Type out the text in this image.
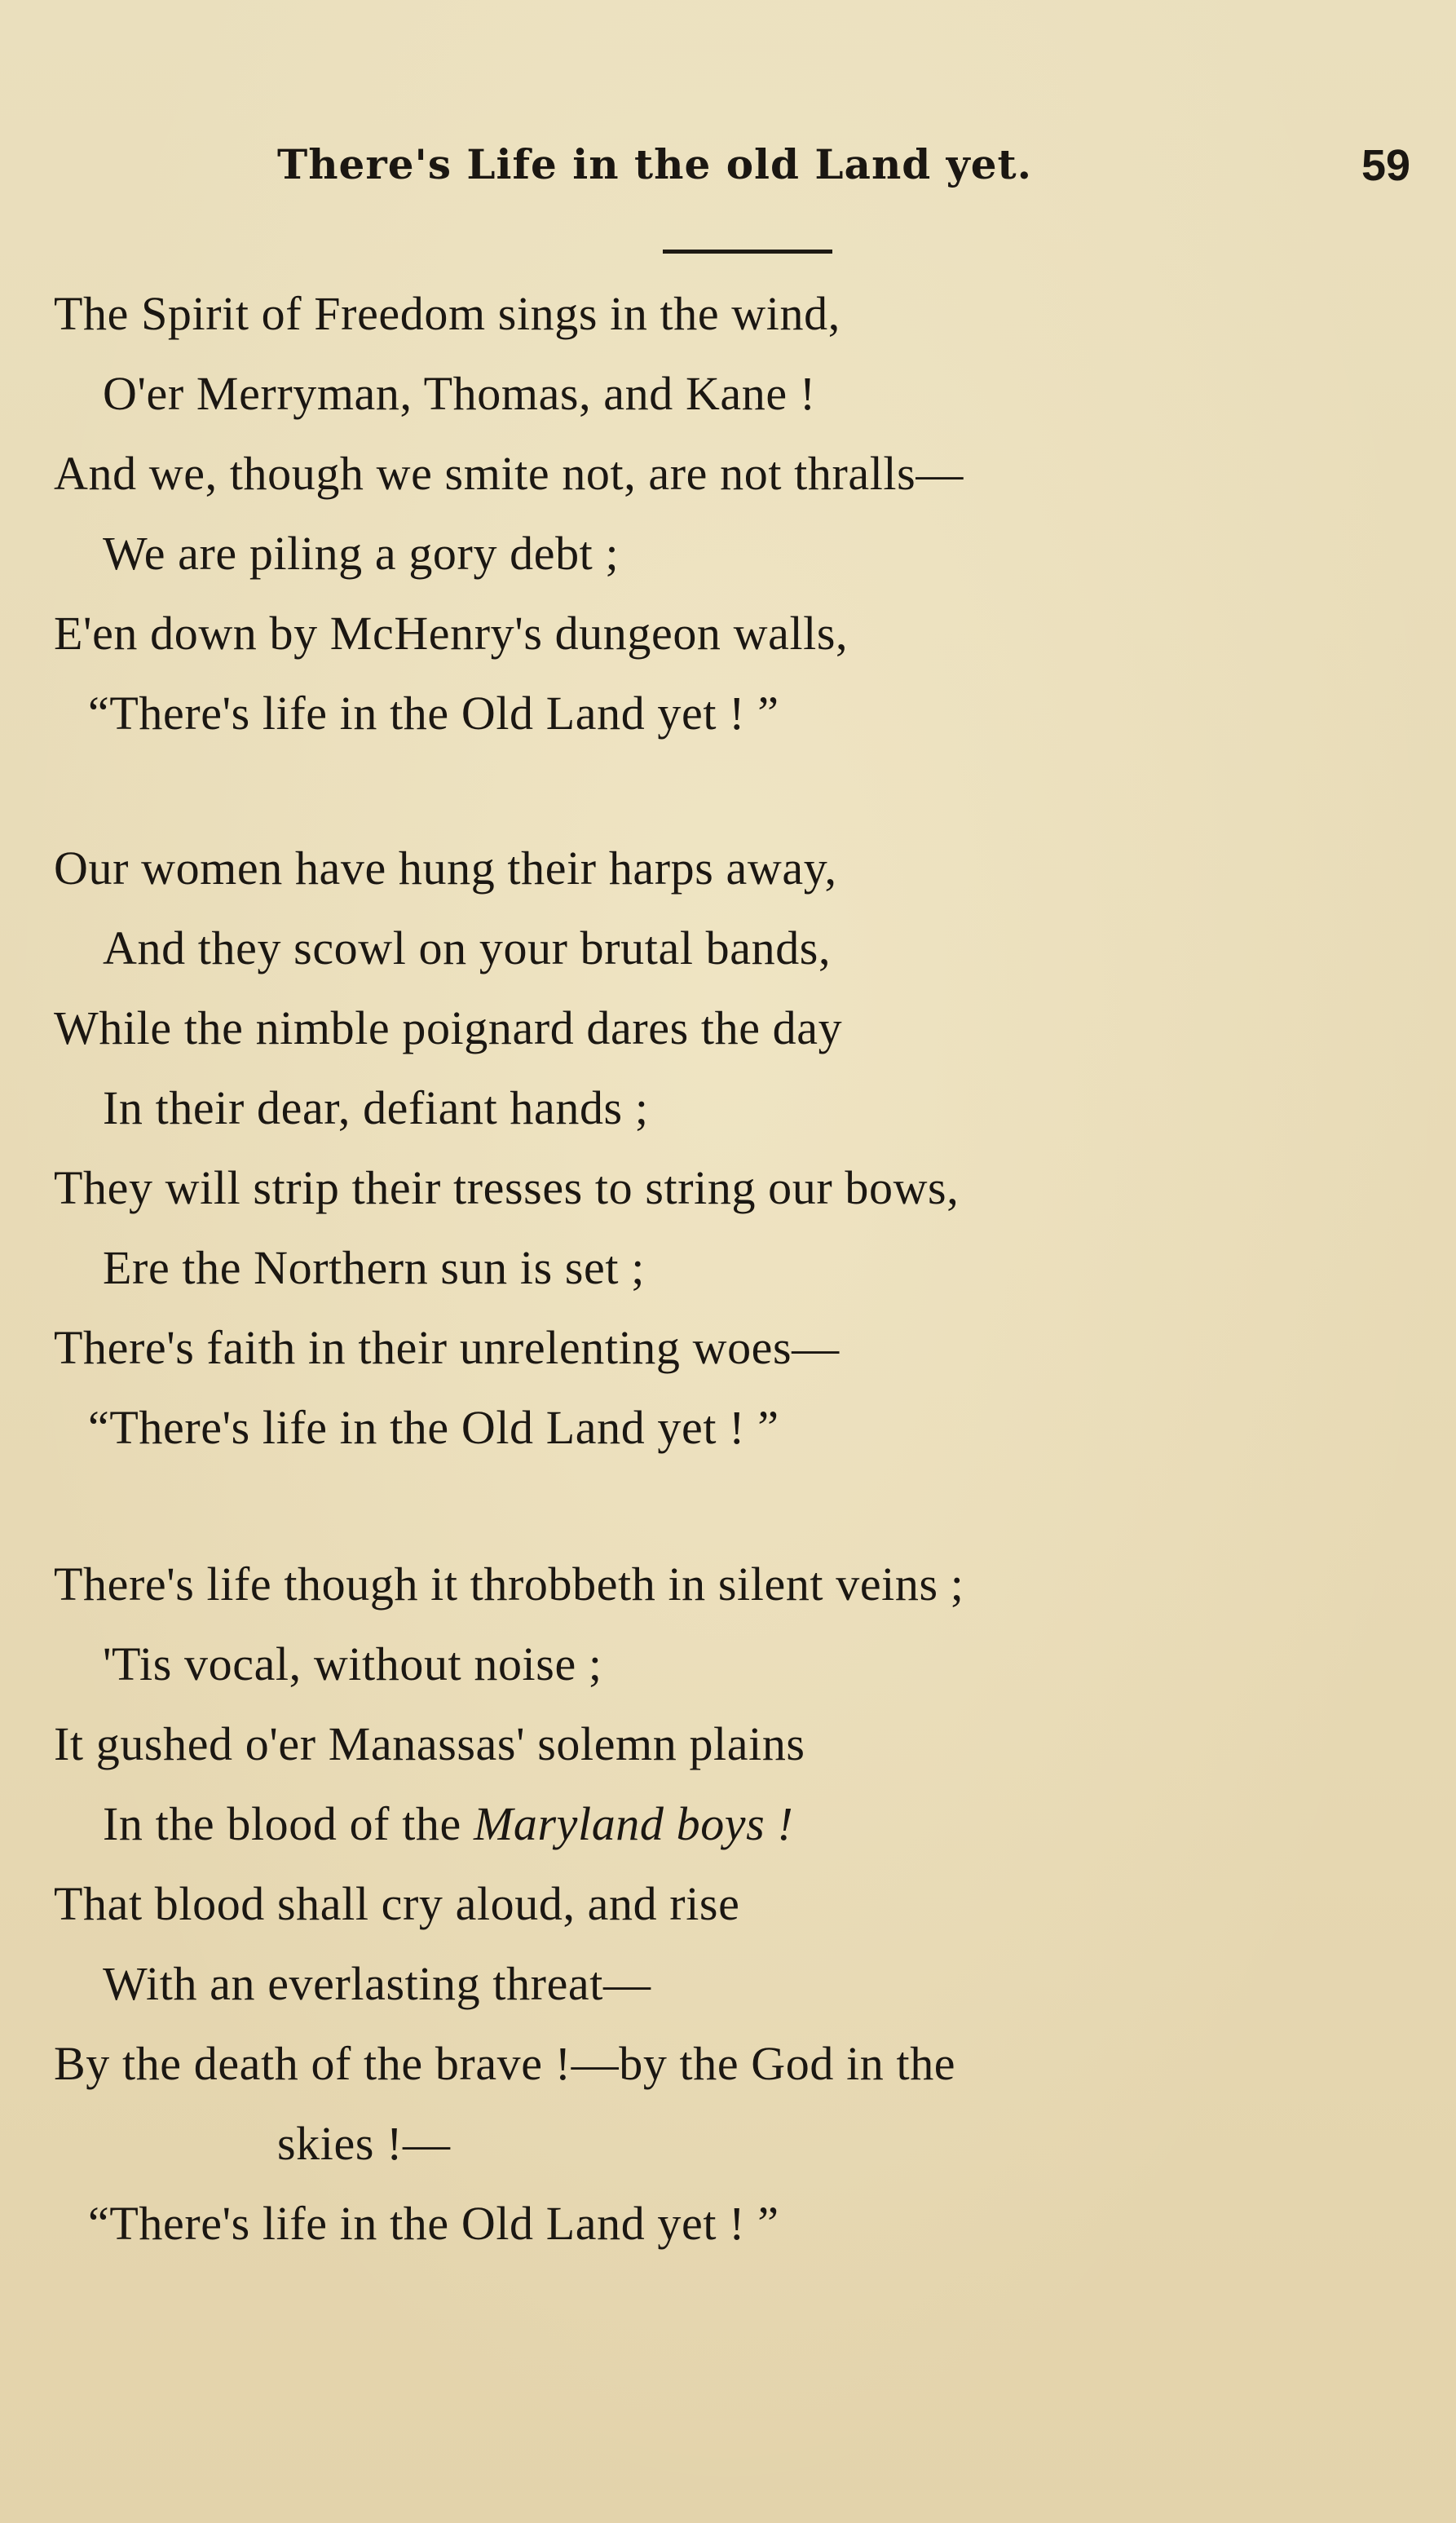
There's Life in the old Land yet.	59
The Spirit of Freedom sings in the wind,
O'er Merryman, Thomas, and Kane !
And we, though we smite not, are not thralls—
We are piling a gory debt ;
E'en down by McHenry's dungeon walls,
“There's life in the Old Land yet ! ”
Our women have hung their harps away,
And they scowl on your brutal bands,
While the nimble poignard dares the day
In their dear, defiant hands ;
They will strip their tresses to string our bows,
Ere the Northern sun is set ;
There's faith in their unrelenting woes—
“There's life in the Old Land yet ! ”
There's life though it throbbeth in silent veins ;
'Tis vocal, without noise ;
It gushed o'er Manassas' solemn plains
In the blood of the Maryland boys !
That blood shall cry aloud, and rise
With an everlasting threat—
By the death of the brave !—by the God in the
skies !—
“There's life in the Old Land yet ! ”
